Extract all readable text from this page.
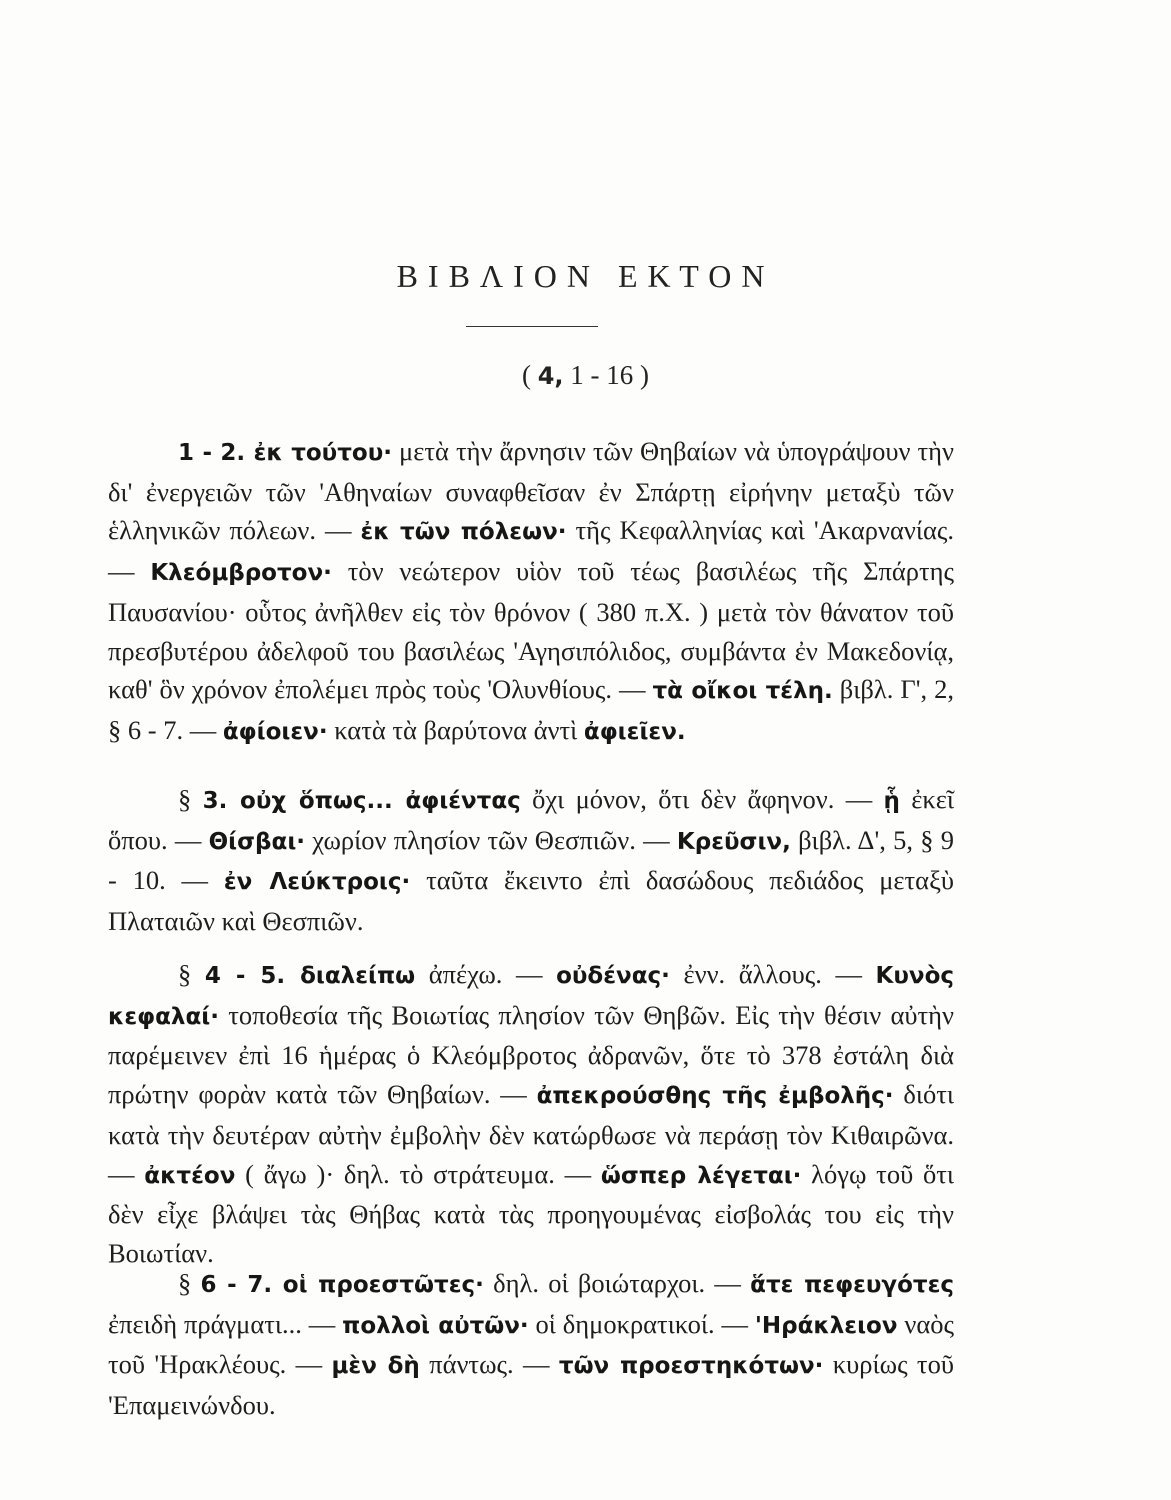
ΒΙΒΛΙΟΝ ΕΚΤΟΝ
( 4, 1 - 16 )
1 - 2. ἐκ τούτου· μετὰ τὴν ἄρνησιν τῶν Θηβαίων νὰ ὑπογράψουν τὴν δι' ἐνεργειῶν τῶν 'Αθηναίων συναφθεῖσαν ἐν Σπάρτῃ εἰρήνην μεταξὺ τῶν ἑλληνικῶν πόλεων. — ἐκ τῶν πόλεων· τῆς Κεφαλληνίας καὶ 'Ακαρνανίας. — Κλεόμβροτον· τὸν νεώτερον υἱὸν τοῦ τέως βασιλέως τῆς Σπάρτης Παυσανίου· οὗτος ἀνῆλθεν εἰς τὸν θρόνον ( 380 π.Χ. ) μετὰ τὸν θάνατον τοῦ πρεσβυτέρου ἀδελφοῦ του βασιλέως 'Αγησιπόλιδος, συμβάντα ἐν Μακεδονίᾳ, καθ' ὃν χρόνον ἐπολέμει πρὸς τοὺς 'Ολυνθίους. — τὰ οἴκοι τέλη. βιβλ. Γ', 2, § 6 - 7. — ἀφίοιεν· κατὰ τὰ βαρύτονα ἀντὶ ἀφιεῖεν.
§ 3. οὐχ ὅπως... ἀφιέντας ὄχι μόνον, ὅτι δὲν ἄφηνον. — ᾗ ἐκεῖ ὅπου. — Θίσβαι· χωρίον πλησίον τῶν Θεσπιῶν. — Κρεῦσιν, βιβλ. Δ', 5, § 9 - 10. — ἐν Λεύκτροις· ταῦτα ἔκειντο ἐπὶ δασώδους πεδιάδος μεταξὺ Πλαταιῶν καὶ Θεσπιῶν.
§ 4 - 5. διαλείπω ἀπέχω. — οὐδένας· ἐνν. ἄλλους. — Κυνὸς κεφαλαί· τοποθεσία τῆς Βοιωτίας πλησίον τῶν Θηβῶν. Εἰς τὴν θέσιν αὐτὴν παρέμεινεν ἐπὶ 16 ἡμέρας ὁ Κλεόμβροτος ἀδρανῶν, ὅτε τὸ 378 ἐστάλη διὰ πρώτην φορὰν κατὰ τῶν Θηβαίων. — ἀπεκρούσθης τῆς ἐμβολῆς· διότι κατὰ τὴν δευτέραν αὐτὴν ἐμβολὴν δὲν κατώρθωσε νὰ περάσῃ τὸν Κιθαιρῶνα. — ἀκτέον ( ἄγω )· δηλ. τὸ στράτευμα. — ὥσπερ λέγεται· λόγῳ τοῦ ὅτι δὲν εἶχε βλάψει τὰς Θήβας κατὰ τὰς προηγουμένας εἰσβολάς του εἰς τὴν Βοιωτίαν.
§ 6 - 7. οἱ προεστῶτες· δηλ. οἱ βοιώταρχοι. — ἅτε πεφευγότες ἐπειδὴ πράγματι... — πολλοὶ αὐτῶν· οἱ δημοκρατικοί. — 'Ηράκλειον ναὸς τοῦ 'Ηρακλέους. — μὲν δὴ πάντως. — τῶν προεστηκότων· κυρίως τοῦ 'Επαμεινώνδου.
